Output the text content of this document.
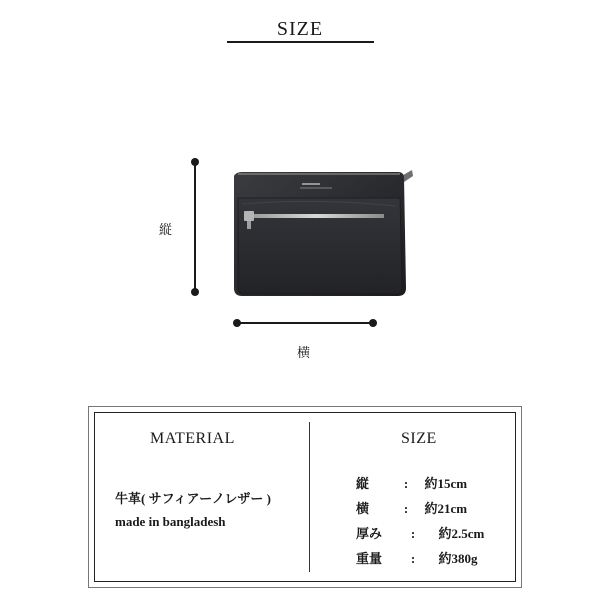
SIZE
縦
横
MATERIAL
牛革( サフィアーノレザー )
made in bangladesh
SIZE
縦	: 約15cm
横	: 約21cm
厚み : 約2.5cm
重量 : 約380g
